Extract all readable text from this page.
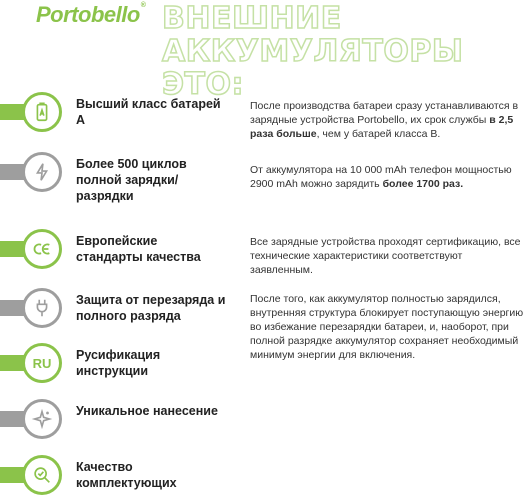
Portobello® ВНЕШНИЕ АККУМУЛЯТОРЫ ЭТО:
Высший класс батарей А
После производства батареи сразу устанавливаются в зарядные устройства Portobello, их срок службы в 2,5 раза больше, чем у батарей класса В.
Более 500 циклов полной зарядки/ разрядки
От аккумулятора на 10 000 mAh телефон мощностью 2900 mAh можно зарядить более 1700 раз.
Европейские стандарты качества
Все зарядные устройства проходят сертификацию, все технические характеристики соответствуют заявленным.
Защита от перезаряда и полного разряда
После того, как аккумулятор полностью зарядился, внутренняя структура блокирует поступающую энергию во избежание перезарядки батареи, и, наоборот, при полной разрядке аккумулятор сохраняет необходимый минимум энергии для включения.
RU
Русификация инструкции
Уникальное нанесение
Качество комплектующих
